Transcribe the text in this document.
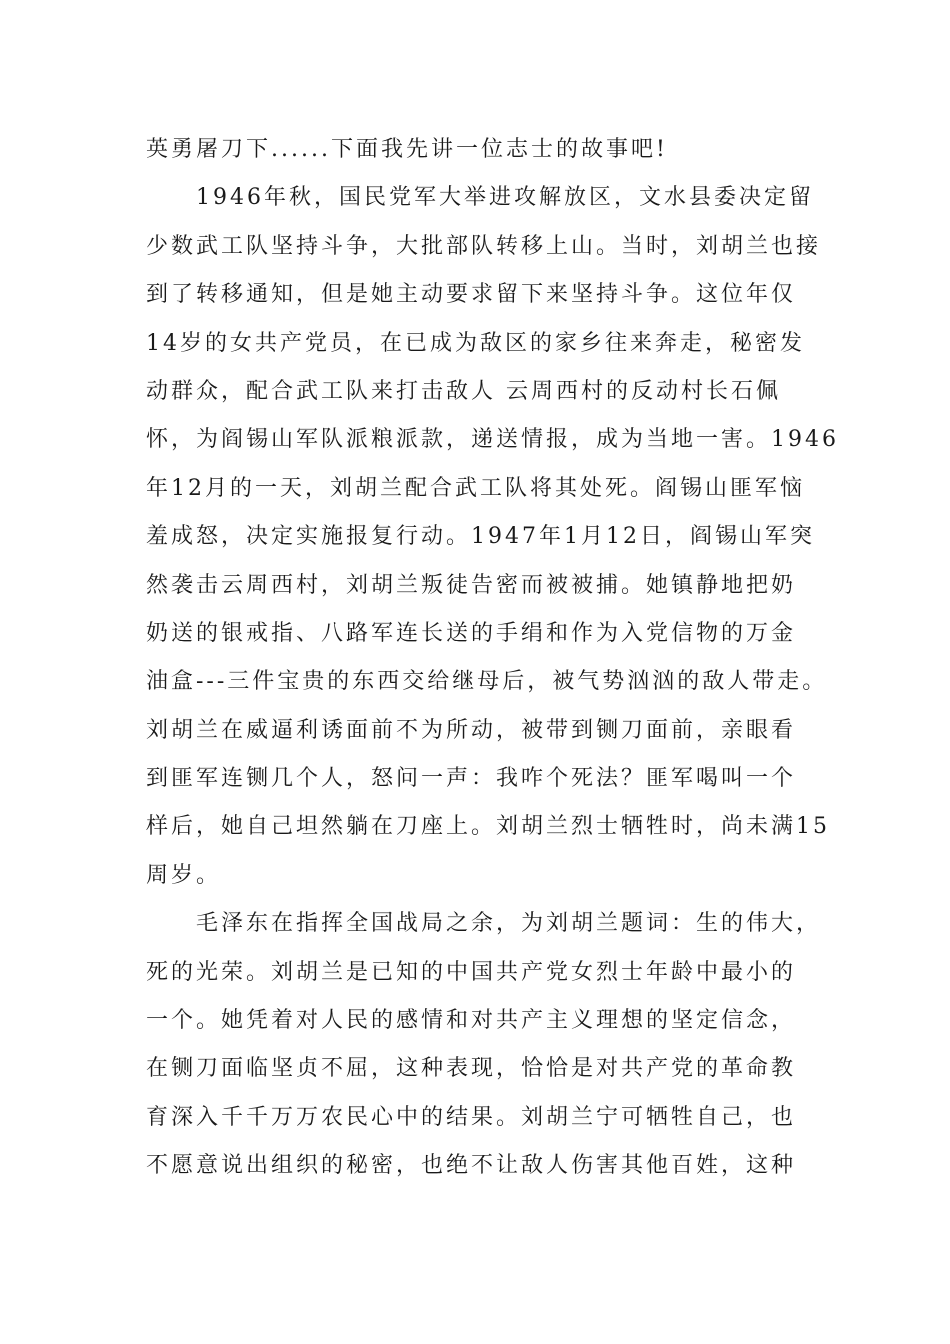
英勇屠刀下......下面我先讲一位志士的故事吧!
1946年秋，国民党军大举进攻解放区，文水县委决定留
少数武工队坚持斗争，大批部队转移上山。当时，刘胡兰也接
到了转移通知，但是她主动要求留下来坚持斗争。这位年仅
14岁的女共产党员，在已成为敌区的家乡往来奔走，秘密发
动群众，配合武工队来打击敌人 云周西村的反动村长石佩
怀，为阎锡山军队派粮派款，递送情报，成为当地一害。1946
年12月的一天，刘胡兰配合武工队将其处死。阎锡山匪军恼
羞成怒，决定实施报复行动。1947年1月12日，阎锡山军突
然袭击云周西村，刘胡兰叛徒告密而被被捕。她镇静地把奶
奶送的银戒指、八路军连长送的手绢和作为入党信物的万金
油盒---三件宝贵的东西交给继母后，被气势汹汹的敌人带走。
刘胡兰在威逼利诱面前不为所动，被带到铡刀面前，亲眼看
到匪军连铡几个人，怒问一声：我咋个死法？匪军喝叫一个
样后，她自己坦然躺在刀座上。刘胡兰烈士牺牲时，尚未满15
周岁。
毛泽东在指挥全国战局之余，为刘胡兰题词：生的伟大，
死的光荣。刘胡兰是已知的中国共产党女烈士年龄中最小的
一个。她凭着对人民的感情和对共产主义理想的坚定信念，
在铡刀面临坚贞不屈，这种表现，恰恰是对共产党的革命教
育深入千千万万农民心中的结果。刘胡兰宁可牺牲自己，也
不愿意说出组织的秘密，也绝不让敌人伤害其他百姓，这种
